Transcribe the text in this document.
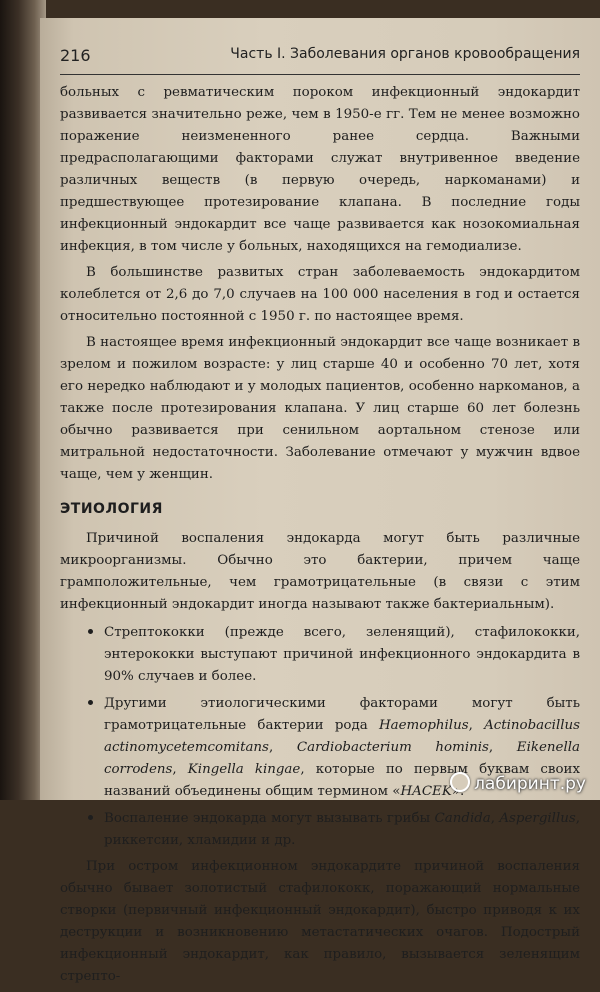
216	Часть I. Заболевания органов кровообращения

больных с ревматическим пороком инфекционный эндокардит развивается значительно реже, чем в 1950-е гг. Тем не менее возможно поражение неизмененного ранее сердца. Важными предрасполагающими факторами служат внутривенное введение различных веществ (в первую очередь, наркоманами) и предшествующее протезирование клапана. В последние годы инфекционный эндокардит все чаще развивается как нозокомиальная инфекция, в том числе у больных, находящихся на гемодиализе.

В большинстве развитых стран заболеваемость эндокардитом колеблется от 2,6 до 7,0 случаев на 100 000 населения в год и остается относительно постоянной с 1950 г. по настоящее время.

В настоящее время инфекционный эндокардит все чаще возникает в зрелом и пожилом возрасте: у лиц старше 40 и особенно 70 лет, хотя его нередко наблюдают и у молодых пациентов, особенно наркоманов, а также после протезирования клапана. У лиц старше 60 лет болезнь обычно развивается при сенильном аортальном стенозе или митральной недостаточности. Заболевание отмечают у мужчин вдвое чаще, чем у женщин.

ЭТИОЛОГИЯ

Причиной воспаления эндокарда могут быть различные микроорганизмы. Обычно это бактерии, причем чаще грамположительные, чем грамотрицательные (в связи с этим инфекционный эндокардит иногда называют также бактериальным).

• Стрептококки (прежде всего, зеленящий), стафилококки, энтерококки выступают причиной инфекционного эндокардита в 90% случаев и более.
• Другими этиологическими факторами могут быть грамотрицательные бактерии рода Haemophilus, Actinobacillus actinomycetemcomitans, Cardiobacterium hominis, Eikenella corrodens, Kingella kingae, которые по первым буквам своих названий объединены общим термином «HACEK».
• Воспаление эндокарда могут вызывать грибы Candida, Aspergillus, риккетсии, хламидии и др.

При остром инфекционном эндокардите причиной воспаления обычно бывает золотистый стафилококк, поражающий нормальные створки (первичный инфекционный эндокардит), быстро приводя к их деструкции и возникновению метастатических очагов. Подострый инфекционный эндокардит, как правило, вызывается зеленящим стрепто-

лабиринт.ру
